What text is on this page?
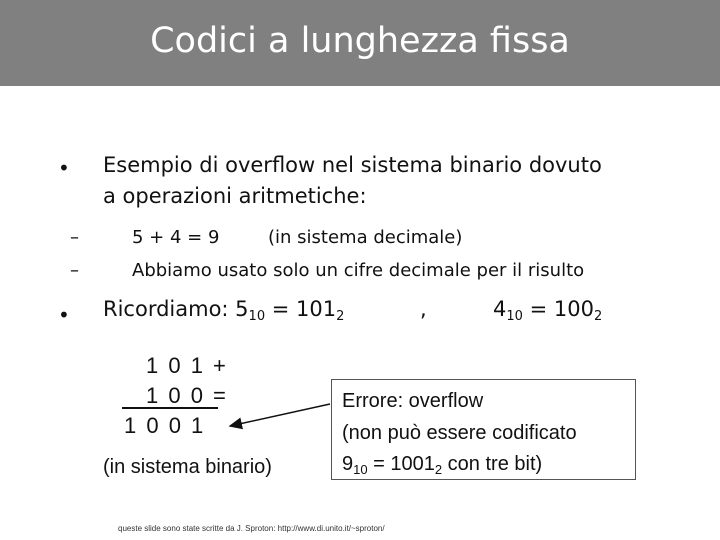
Codici a lunghezza fissa
• Esempio di overflow nel sistema binario dovuto
a operazioni aritmetiche:
–	5 + 4 = 9	(in sistema decimale)
–	Abbiamo usato solo un cifre decimale per il risulto
• Ricordiamo: $5_{10} = 101_2$	,	$4_{10} = 100_2$
1 0 1 +
1 0 0 =
1 0 0 1
(in sistema binario)
Errore: overflow
(non può essere codificato
$9_{10} = 1001_2$ con tre bit)
queste slide sono state scritte da J. Sproton: http://www.di.unito.it/~sproton/
